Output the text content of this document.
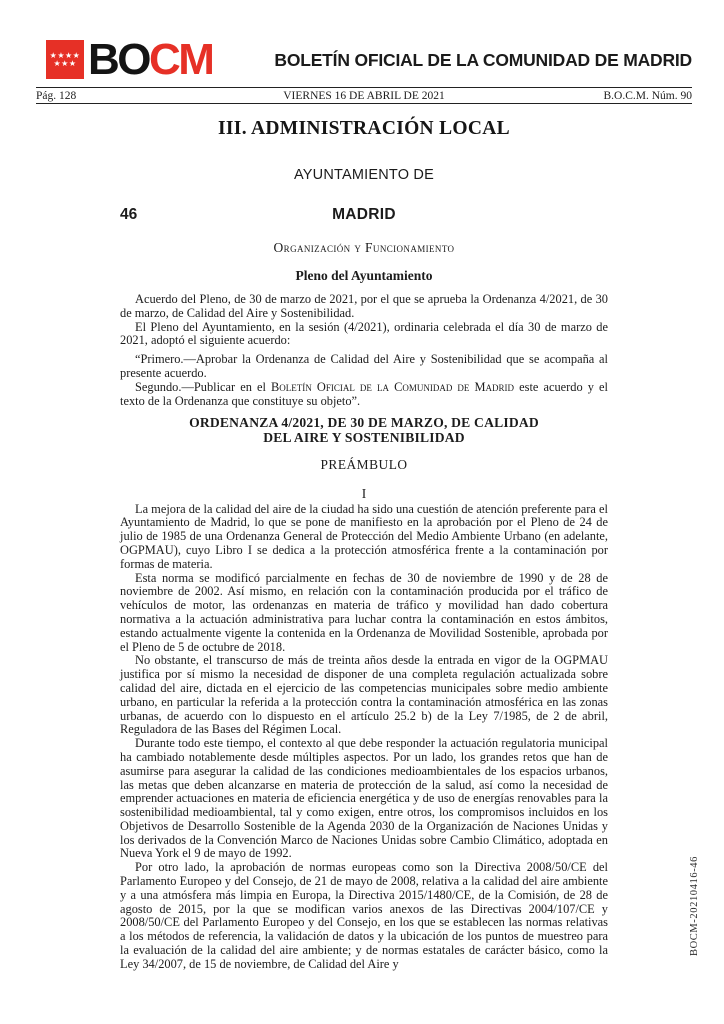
★★★★
★★★ BO CM	BOLETÍN OFICIAL DE LA COMUNIDAD DE MADRID
Pág. 128	VIERNES 16 DE ABRIL DE 2021	B.O.C.M. Núm. 90
III. ADMINISTRACIÓN LOCAL
AYUNTAMIENTO DE
46	MADRID
Organización y Funcionamiento
Pleno del Ayuntamiento

Acuerdo del Pleno, de 30 de marzo de 2021, por el que se aprueba la Ordenanza 4/2021, de 30 de marzo, de Calidad del Aire y Sostenibilidad.

El Pleno del Ayuntamiento, en la sesión (4/2021), ordinaria celebrada el día 30 de marzo de 2021, adoptó el siguiente acuerdo:

“Primero.—Aprobar la Ordenanza de Calidad del Aire y Sostenibilidad que se acompaña al presente acuerdo.

Segundo.—Publicar en el Boletín Oficial de la Comunidad de Madrid este acuerdo y el texto de la Ordenanza que constituye su objeto”.

ORDENANZA 4/2021, DE 30 DE MARZO, DE CALIDAD
DEL AIRE Y SOSTENIBILIDAD
PREÁMBULO
I

La mejora de la calidad del aire de la ciudad ha sido una cuestión de atención preferente para el Ayuntamiento de Madrid, lo que se pone de manifiesto en la aprobación por el Pleno de 24 de julio de 1985 de una Ordenanza General de Protección del Medio Ambiente Urbano (en adelante, OGPMAU), cuyo Libro I se dedica a la protección atmosférica frente a la contaminación por formas de materia.

Esta norma se modificó parcialmente en fechas de 30 de noviembre de 1990 y de 28 de noviembre de 2002. Así mismo, en relación con la contaminación producida por el tráfico de vehículos de motor, las ordenanzas en materia de tráfico y movilidad han dado cobertura normativa a la actuación administrativa para luchar contra la contaminación en estos ámbitos, estando actualmente vigente la contenida en la Ordenanza de Movilidad Sostenible, aprobada por el Pleno de 5 de octubre de 2018.

No obstante, el transcurso de más de treinta años desde la entrada en vigor de la OGPMAU justifica por sí mismo la necesidad de disponer de una completa regulación actualizada sobre calidad del aire, dictada en el ejercicio de las competencias municipales sobre medio ambiente urbano, en particular la referida a la protección contra la contaminación atmosférica en las zonas urbanas, de acuerdo con lo dispuesto en el artículo 25.2 b) de la Ley 7/1985, de 2 de abril, Reguladora de las Bases del Régimen Local.

Durante todo este tiempo, el contexto al que debe responder la actuación regulatoria municipal ha cambiado notablemente desde múltiples aspectos. Por un lado, los grandes retos que han de asumirse para asegurar la calidad de las condiciones medioambientales de los espacios urbanos, las metas que deben alcanzarse en materia de protección de la salud, así como la necesidad de emprender actuaciones en materia de eficiencia energética y de uso de energías renovables para la sostenibilidad medioambiental, tal y como exigen, entre otros, los compromisos incluidos en los Objetivos de Desarrollo Sostenible de la Agenda 2030 de la Organización de Naciones Unidas y los derivados de la Convención Marco de Naciones Unidas sobre Cambio Climático, adoptada en Nueva York el 9 de mayo de 1992.

Por otro lado, la aprobación de normas europeas como son la Directiva 2008/50/CE del Parlamento Europeo y del Consejo, de 21 de mayo de 2008, relativa a la calidad del aire ambiente y a una atmósfera más limpia en Europa, la Directiva 2015/1480/CE, de la Comisión, de 28 de agosto de 2015, por la que se modifican varios anexos de las Directivas 2004/107/CE y 2008/50/CE del Parlamento Europeo y del Consejo, en los que se establecen las normas relativas a los métodos de referencia, la validación de datos y la ubicación de los puntos de muestreo para la evaluación de la calidad del aire ambiente; y de normas estatales de carácter básico, como la Ley 34/2007, de 15 de noviembre, de Calidad del Aire y

BOCM-20210416-46
